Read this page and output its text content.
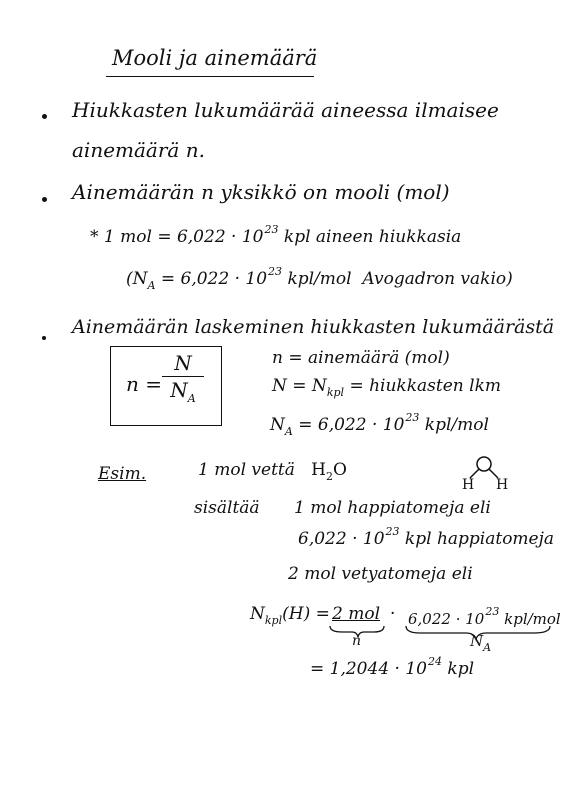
Mooli ja ainemäärä
Hiukkasten lukumäärää aineessa ilmaisee
ainemäärä n.
Ainemäärän n yksikkö on mooli (mol)
* 1 mol = $6,022 \cdot 10^{23}$ kpl aineen hiukkasia
($N_A = 6,022 \cdot 10^{23}$ kpl/mol Avogadron vakio)
Ainemäärän laskeminen hiukkasten lukumäärästä
n =
N
$N_A$
n = ainemäärä (mol)
$N = N_{kpl}$ = hiukkasten lkm
$N_A = 6,022 \cdot 10^{23}$ kpl/mol
Esim.	1 mol vettä $H_2O$
H H
sisältää 1 mol happiatomeja eli
$6,022 \cdot 10^{23}$ kpl happiatomeja
2 mol vetyatomeja eli
$N_{kpl}(H) = 2$ mol · $6,022 \cdot 10^{23}$ kpl/mol
n	$N_A$
= $1,2044 \cdot 10^{24}$ kpl
